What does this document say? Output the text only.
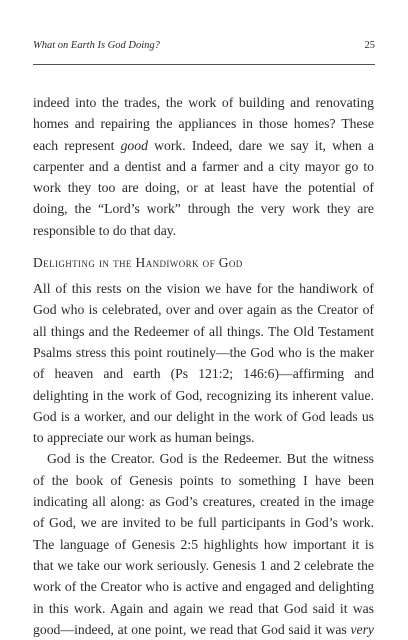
What on Earth Is God Doing?	25

indeed into the trades, the work of building and renovating homes and repairing the appliances in those homes? These each represent good work. Indeed, dare we say it, when a carpenter and a dentist and a farmer and a city mayor go to work they too are doing, or at least have the potential of doing, the “Lord’s work” through the very work they are responsible to do that day.

Delighting in the Handiwork of God

All of this rests on the vision we have for the handiwork of God who is celebrated, over and over again as the Creator of all things and the Redeemer of all things. The Old Testament Psalms stress this point routinely—the God who is the maker of heaven and earth (Ps 121:2; 146:6)—affirming and delighting in the work of God, recognizing its inherent value. God is a worker, and our delight in the work of God leads us to appreciate our work as human beings.

God is the Creator. God is the Redeemer. But the witness of the book of Genesis points to something I have been indicating all along: as God’s creatures, created in the image of God, we are invited to be full participants in God’s work. The language of Genesis 2:5 highlights how important it is that we take our work seriously. Genesis 1 and 2 celebrate the work of the Creator who is active and engaged and delighting in this work. Again and again we read that God said it was good—indeed, at one point, we read that God said it was very
